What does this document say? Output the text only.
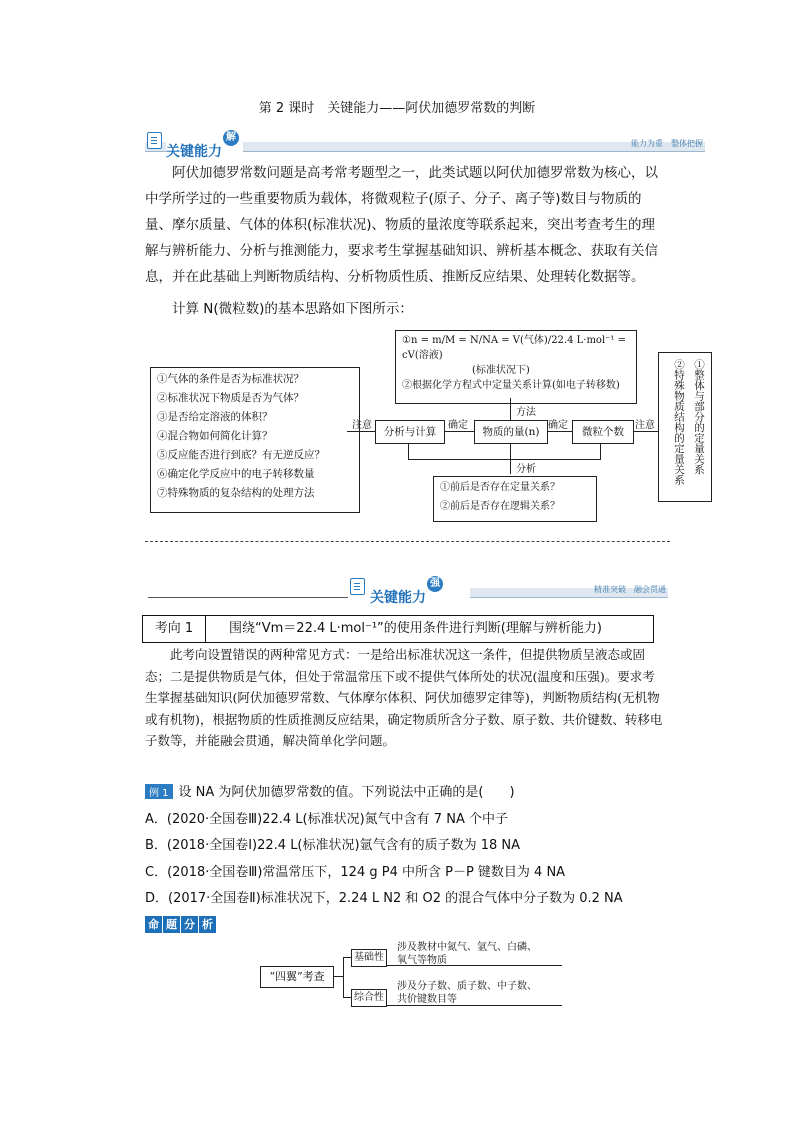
第 2 课时　关键能力——阿伏加德罗常数的判断
关键能力解读
能力为重　整体把握
阿伏加德罗常数问题是高考常考题型之一，此类试题以阿伏加德罗常数为核心，以中学所学过的一些重要物质为载体，将微观粒子(原子、分子、离子等)数目与物质的量、摩尔质量、气体的体积(标准状况)、物质的量浓度等联系起来，突出考查考生的理解与辨析能力、分析与推测能力，要求考生掌握基础知识、辨析基本概念、获取有关信息，并在此基础上判断物质结构、分析物质性质、推断反应结果、处理转化数据等。
计算 N(微粒数)的基本思路如下图所示：
①气体的条件是否为标准状况？
②标准状况下物质是否为气体？
③是否给定溶液的体积？
④混合物如何简化计算？
⑤反应能否进行到底？有无逆反应？
⑥确定化学反应中的电子转移数量
⑦特殊物质的复杂结构的处理方法
①n = m/M = N/NA = V(气体)/22.4 L·mol⁻¹ = cV(溶液)
(标准状况下)
②根据化学方程式中定量关系计算(如电子转移数)	①整体与部分的定量关系
②特殊物质结构的定量关系
分析与计算	物质的量(n)	微粒个数
注意	注意
确定	确定
方法
分析
①前后是否存在定量关系？
②前后是否存在逻辑关系？
关键能力强化
精准突破　融会贯通
考向 1	围绕“Vm＝22.4 L·mol⁻¹”的使用条件进行判断(理解与辨析能力)
此考向设置错误的两种常见方式：一是给出标准状况这一条件，但提供物质呈液态或固态；二是提供物质是气体，但处于常温常压下或不提供气体所处的状况(温度和压强)。要求考生掌握基础知识(阿伏加德罗常数、气体摩尔体积、阿伏加德罗定律等)，判断物质结构(无机物或有机物)，根据物质的性质推测反应结果，确定物质所含分子数、原子数、共价键数、转移电子数等，并能融会贯通，解决简单化学问题。
例 1 设 NA 为阿伏加德罗常数的值。下列说法中正确的是(　　)
A．(2020·全国卷Ⅲ)22.4 L(标准状况)氮气中含有 7 NA 个中子
B．(2018·全国卷Ⅰ)22.4 L(标准状况)氩气含有的质子数为 18 NA
C．(2018·全国卷Ⅲ)常温常压下，124 g P4 中所含 P－P 键数目为 4 NA
D．(2017·全国卷Ⅱ)标准状况下，2.24 L N2 和 O2 的混合气体中分子数为 0.2 NA
命 题 分 析
“四翼”考查
基础性
综合性
涉及教材中氮气、氩气、白磷、
氧气等物质
涉及分子数、质子数、中子数、
共价键数目等
